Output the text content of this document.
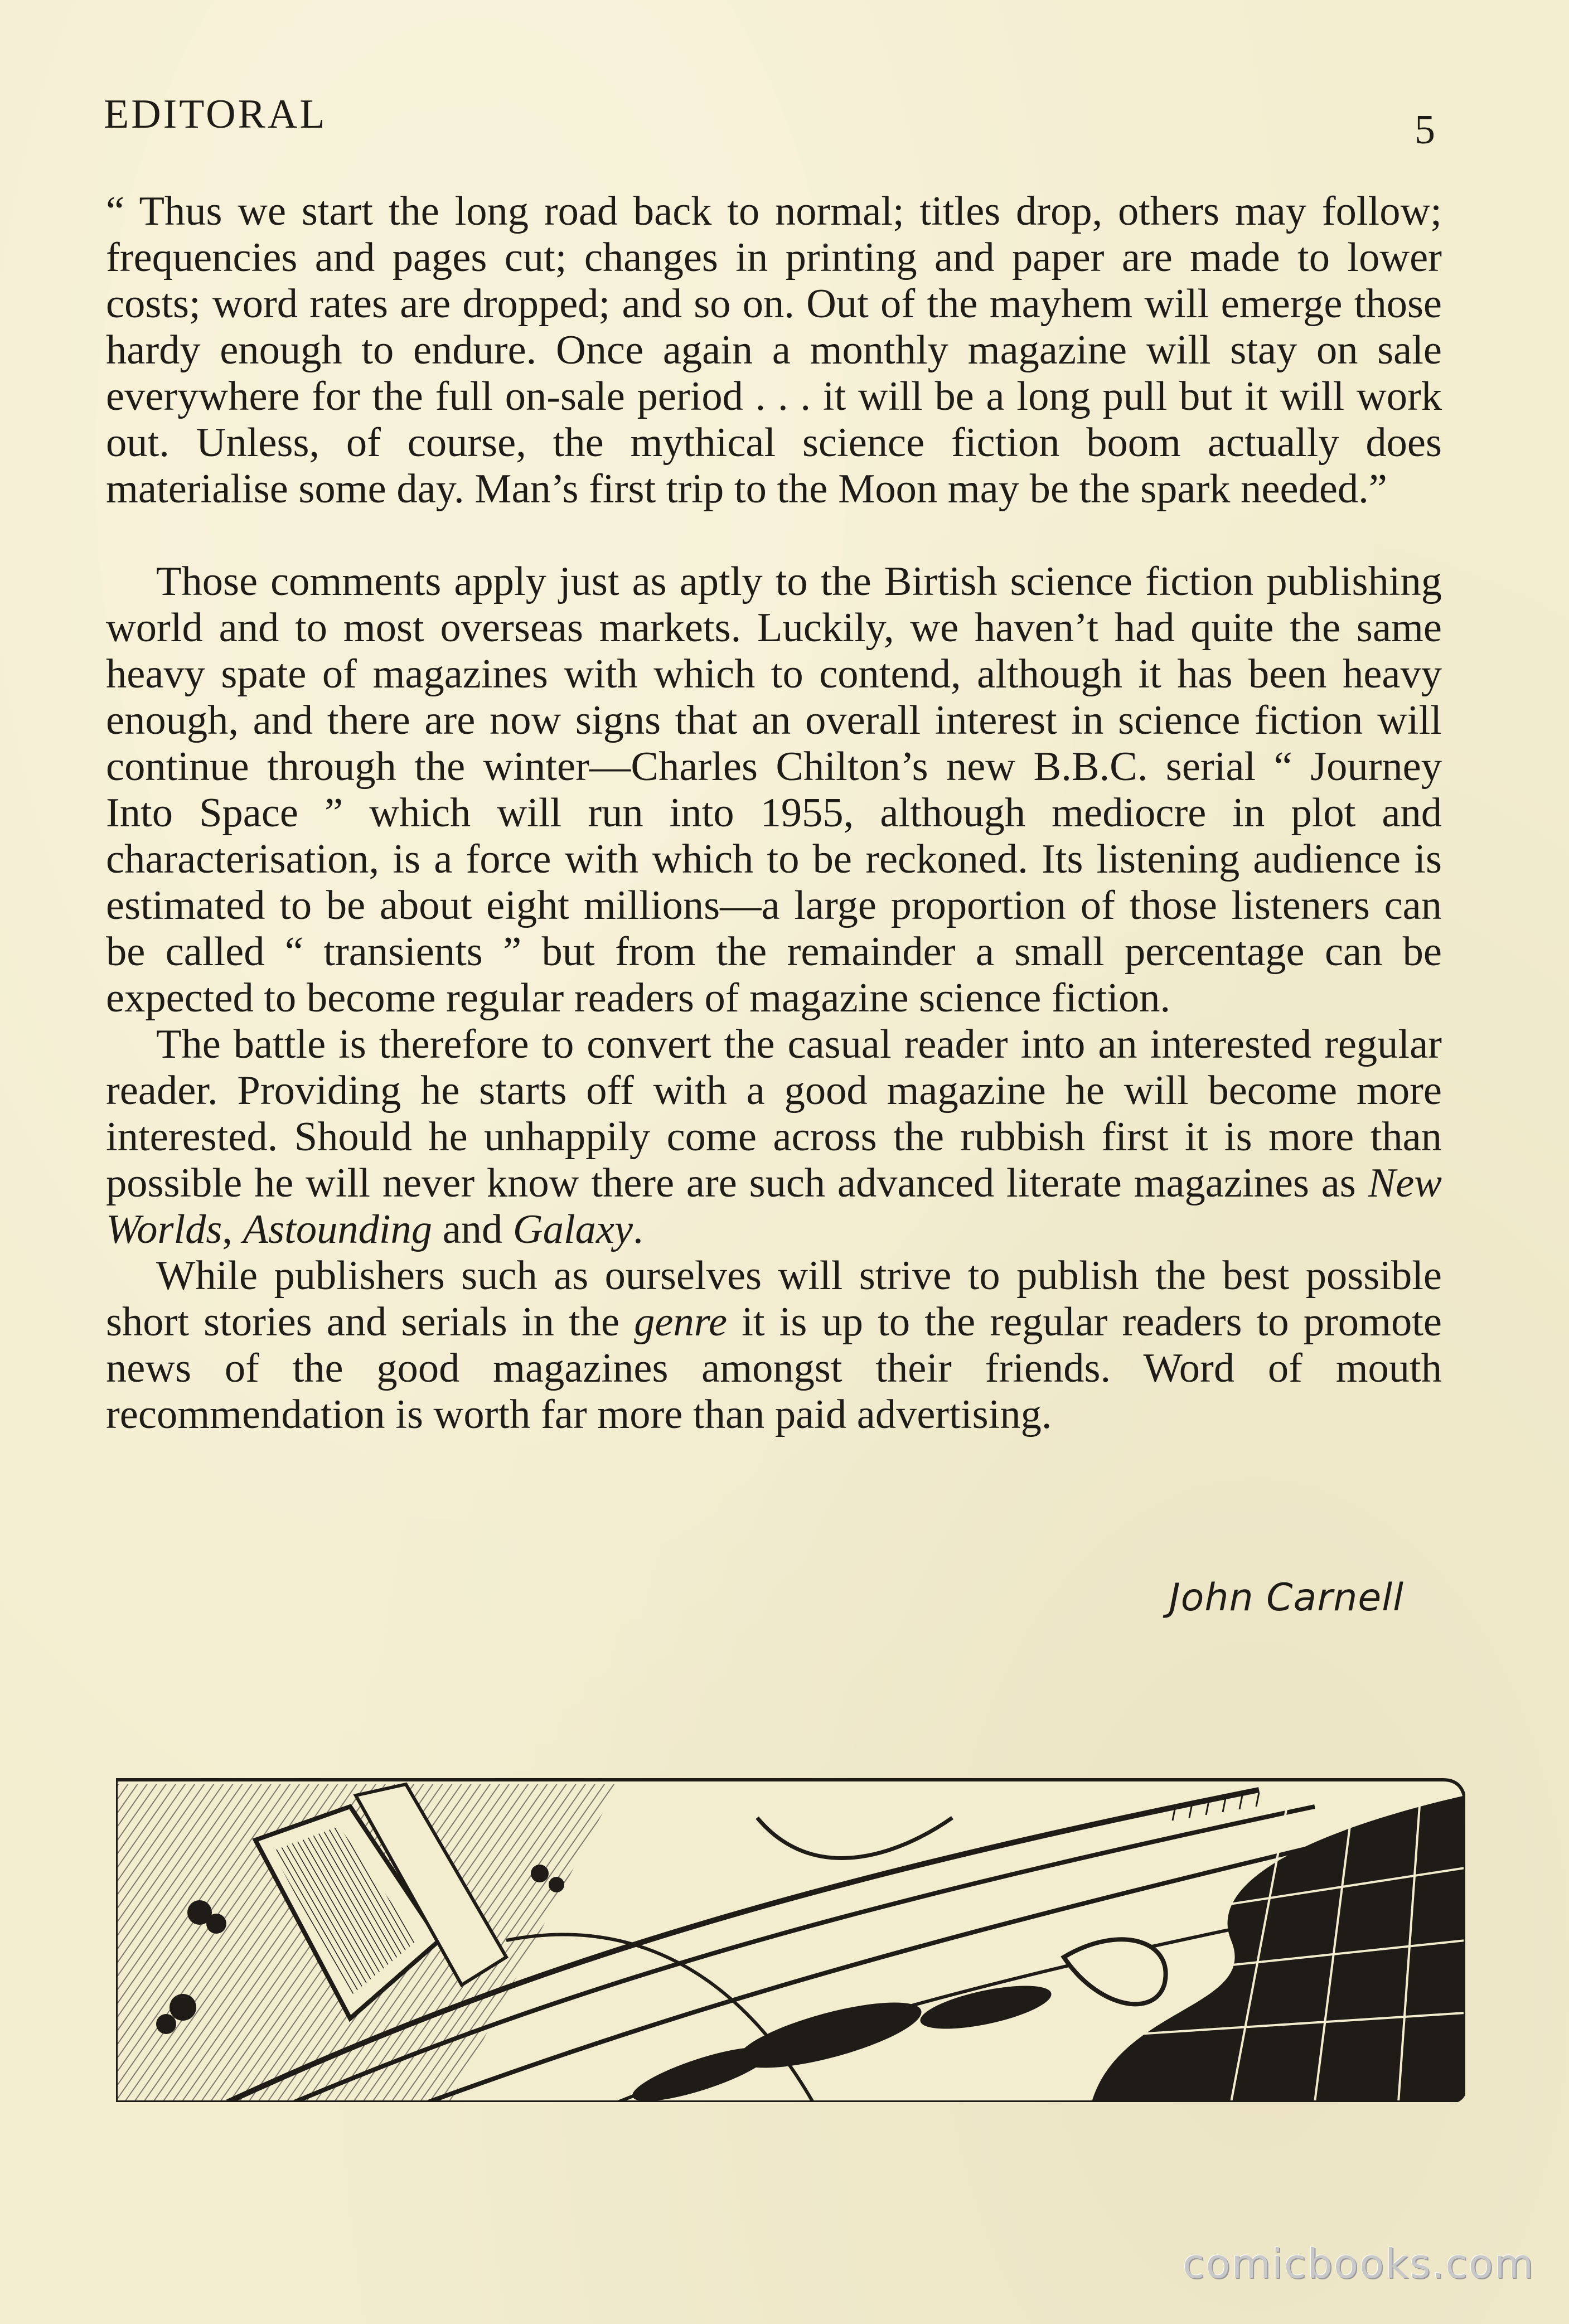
EDITORAL	5

“ Thus we start the long road back to normal; titles drop, others may follow; frequencies and pages cut; changes in printing and paper are made to lower costs; word rates are dropped; and so on. Out of the mayhem will emerge those hardy enough to endure. Once again a monthly magazine will stay on sale everywhere for the full on-sale period . . . it will be a long pull but it will work out. Unless, of course, the mythical science fiction boom actually does materialise some day. Man’s first trip to the Moon may be the spark needed.”

Those comments apply just as aptly to the Birtish science fiction publishing world and to most overseas markets. Luckily, we haven’t had quite the same heavy spate of magazines with which to contend, although it has been heavy enough, and there are now signs that an overall interest in science fiction will continue through the winter—Charles Chilton’s new B.B.C. serial “ Journey Into Space ” which will run into 1955, although mediocre in plot and characterisation, is a force with which to be reckoned. Its listening audience is estimated to be about eight millions—a large proportion of those listeners can be called “ transients ” but from the remainder a small percentage can be expected to become regular readers of magazine science fiction.

The battle is therefore to convert the casual reader into an interested regular reader. Providing he starts off with a good magazine he will become more interested. Should he unhappily come across the rubbish first it is more than possible he will never know there are such advanced literate magazines as New Worlds, Astounding and Galaxy.

While publishers such as ourselves will strive to publish the best possible short stories and serials in the genre it is up to the regular readers to promote news of the good magazines amongst their friends. Word of mouth recommendation is worth far more than paid advertising.

John Carnell
comicbooks.com
